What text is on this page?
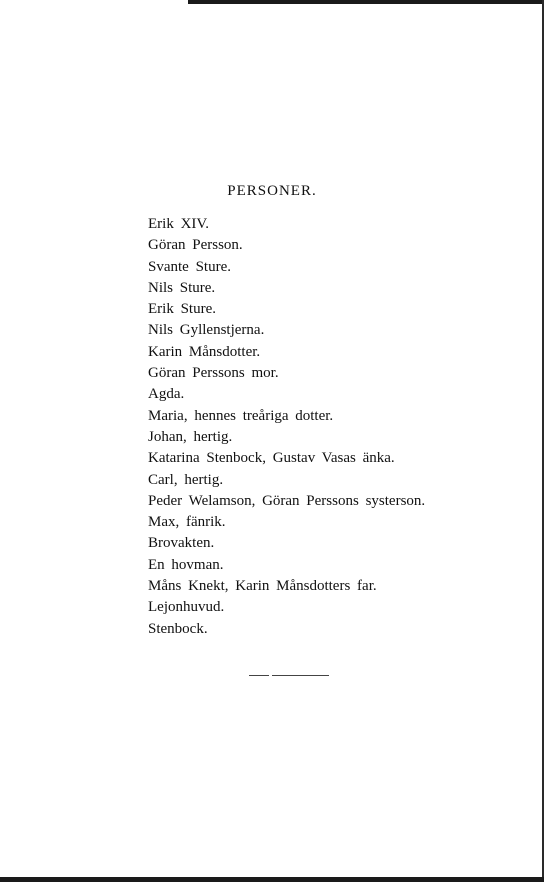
PERSONER.
Erik XIV.
Göran Persson.
Svante Sture.
Nils Sture.
Erik Sture.
Nils Gyllenstjerna.
Karin Månsdotter.
Göran Perssons mor.
Agda.
Maria, hennes treåriga dotter.
Johan, hertig.
Katarina Stenbock, Gustav Vasas änka.
Carl, hertig.
Peder Welamson, Göran Perssons systerson.
Max, fänrik.
Brovakten.
En hovman.
Måns Knekt, Karin Månsdotters far.
Lejonhuvud.
Stenbock.
